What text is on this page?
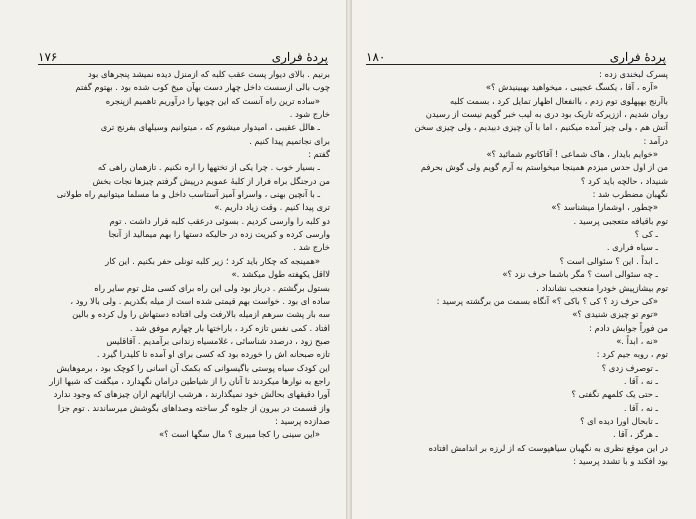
۱۷۶	پردهٔ فراری
برنیم . بالای دیوار پست عقب کلبه که ازمنزل دیده نمیشد پنجرهای بود
چوب بالی ازسست داخل چهار دست بهآن میخ کوب شده بود . بهتوم گفتم
«ساده ترین راه آنست که این چوبها را درآوریم تاهمیم ازپنجره
خارج شود .
ـ هالل عقیبی ، امیدوار میشوم که ، میتوانیم وسیلهای بفرنج تری
برای نجاتمیم پیدا کنیم .
گفتم :
ـ بسیار خوب . چرا یکی از تختهها را اره نکنیم . تازهمان راهی که
من درجنگل براه فرار از کلبهٔ عمویم درپیش گرفتم چیزها نجات بخش
ـ با آنچین بهنی ، واسراو آمیز آستاسب داخل و ما مسلما میتوانیم راه طولانی
تری پیدا کنیم . وقت زیاد داریم .»
دو کلبه را وارسی کردیم . بسوئی درعقب کلبه قرار داشت . توم
وارسی کرده و کبریت زده در حالیکه دستها را بهم میمالید از آنجا
خارج شد .
«همینجه که چکار باید کرد ؛ زیر کلبه تونلی حفر بکنیم . این کار
لااقل یکهفته طول میکشد .»
بستول برگشتم . درباز بود ولی این راه برای کسی مثل توم سایر راه
ساده ای بود . خواست بهم قیمتی شده است از میله بگذریم . ولی بالا رود ،
سه بار پشت سرهم ازمیله بالارفت ولی افتاده دستهاش را ول کرده و بالین
افتاد . کمی نفس تازه کرد ، باراختها بار چهارم موفق شد .
صبح زود ، درصدد شناسائی ، غلامسیاه زندانی برآمدیم . آقاقلیس
تازه صبحانه اش را خورده بود که کسی برای او آمده تا کلیدرا گیرد .
این کودک سیاه پوستی باگیسوانی که بکمک آن اسانی را کوچک بود ، برموهایش
راجع به نوارها میکردند تا آنان را از شیاطین درامان نگهدارد ، میگفت که شبها ازار
آورا دقیقهای بحالش خود نمیگذارند ، هرشب ازایاتهم ازان چیزهای که وجود ندارد
واز قسمت در بیرون از جلوه گر ساخته وصداهای بگوشش میرساندند . توم جزا
صدازده پرسید :
«این سینی را کجا میبری ؟ مال سگها است ؟»
۱۸۰	پردهٔ فراری
پسرک لبخندی زده :
«آره ، آقا ، یکسگ عجیبی ، میخواهید بهبینیدش ؟»
باآرنج بهپهلوی توم زدم ، باانفعال اظهار تمایل کرد ، بسمت کلبه
روان شدیم ، اززیرکه تاریک بود دری به لیب خبر گویم نیست از رسیدن
آتش هم ، ولی چیز آمده میکنیم ، اما با آن چیزی دبیدیم ، ولی چیزی سخن
درآمد :
«خوایم بایدار ، هاک شماعی ! آقاکاتوم شمائید ؟»
من از اول حدس میزدم همینجا میخواستم به آرم گویم ولی گوش بحرفم
شنیداد ، حالچه باید کرد ؟
نگهبان مضطرب شد :
«چطور ، اوشمارا میشناسد ؟»
توم باقیافه متعجبی پرسید .
ـ کی ؟
ـ سیاه فراری .
ـ ابداً . این ؟ سئوالی است ؟
ـ چه سئوالی است ؟ مگر باشما حرف نزد ؟»
توم بیشازپیش خودرا منعجب نشانداد .
«کی حرف زد ؟ کی ؟ باکی ؟» آنگاه بسمت من برگشته پرسید :
«توم تو چیزی شنیدی ؟»
من فوراً جوابش دادم :
«نه ، ابداً .»
توم ، روبه جیم کرد :
ـ توصرف زدی ؟
ـ نه ، آقا .
ـ حتی یک کلمهم نگفتی ؟
ـ نه ، آقا .
ـ تابحال اورا دیده ای ؟
ـ هرگز ، آقا .
در این موقع نظری به نگهبان سیاهپوست که از لرزه بر اندامش افتاده
بود افکند و با تشدد پرسید :
